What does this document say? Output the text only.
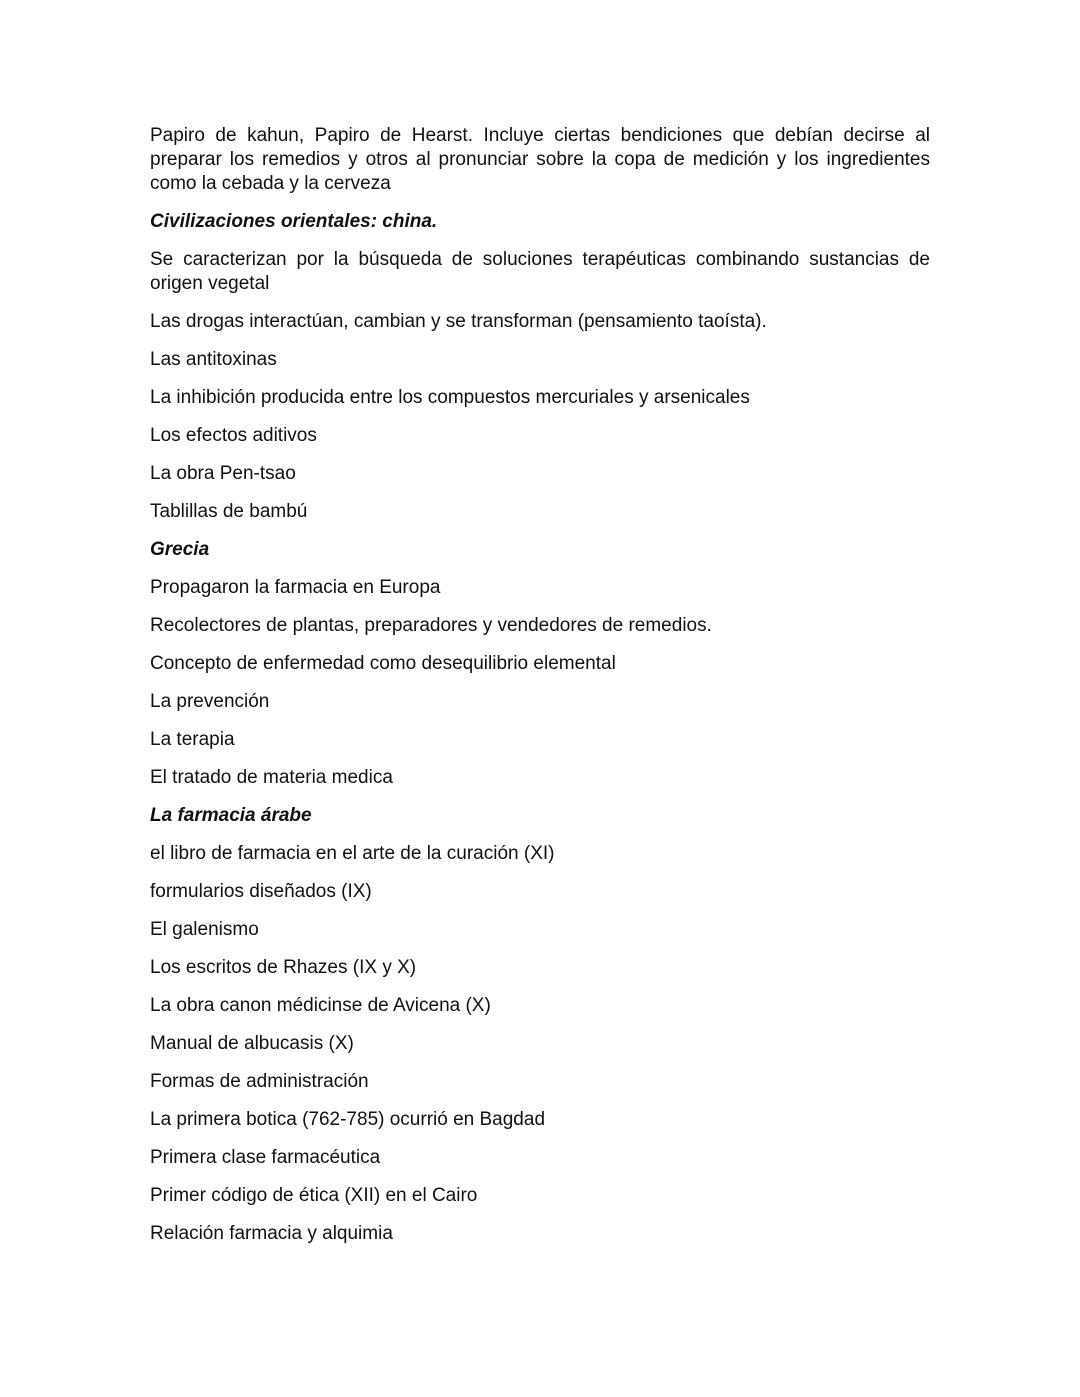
Papiro de kahun, Papiro de Hearst. Incluye ciertas bendiciones que debían decirse al preparar los remedios y otros al pronunciar sobre la copa de medición y los ingredientes como la cebada y la cerveza

Civilizaciones orientales: china.

Se caracterizan por la búsqueda de soluciones terapéuticas combinando sustancias de origen vegetal

Las drogas interactúan, cambian y se transforman (pensamiento taoísta).

Las antitoxinas

La inhibición producida entre los compuestos mercuriales y arsenicales

Los efectos aditivos

La obra Pen-tsao

Tablillas de bambú

Grecia

Propagaron la farmacia en Europa

Recolectores de plantas, preparadores y vendedores de remedios.

Concepto de enfermedad como desequilibrio elemental

La prevención

La terapia

El tratado de materia medica

La farmacia árabe

el libro de farmacia en el arte de la curación (XI)

formularios diseñados (IX)

El galenismo

Los escritos de Rhazes (IX y X)

La obra canon médicinse de Avicena (X)

Manual de albucasis (X)

Formas de administración

La primera botica (762-785) ocurrió en Bagdad

Primera clase farmacéutica

Primer código de ética (XII) en el Cairo

Relación farmacia y alquimia
